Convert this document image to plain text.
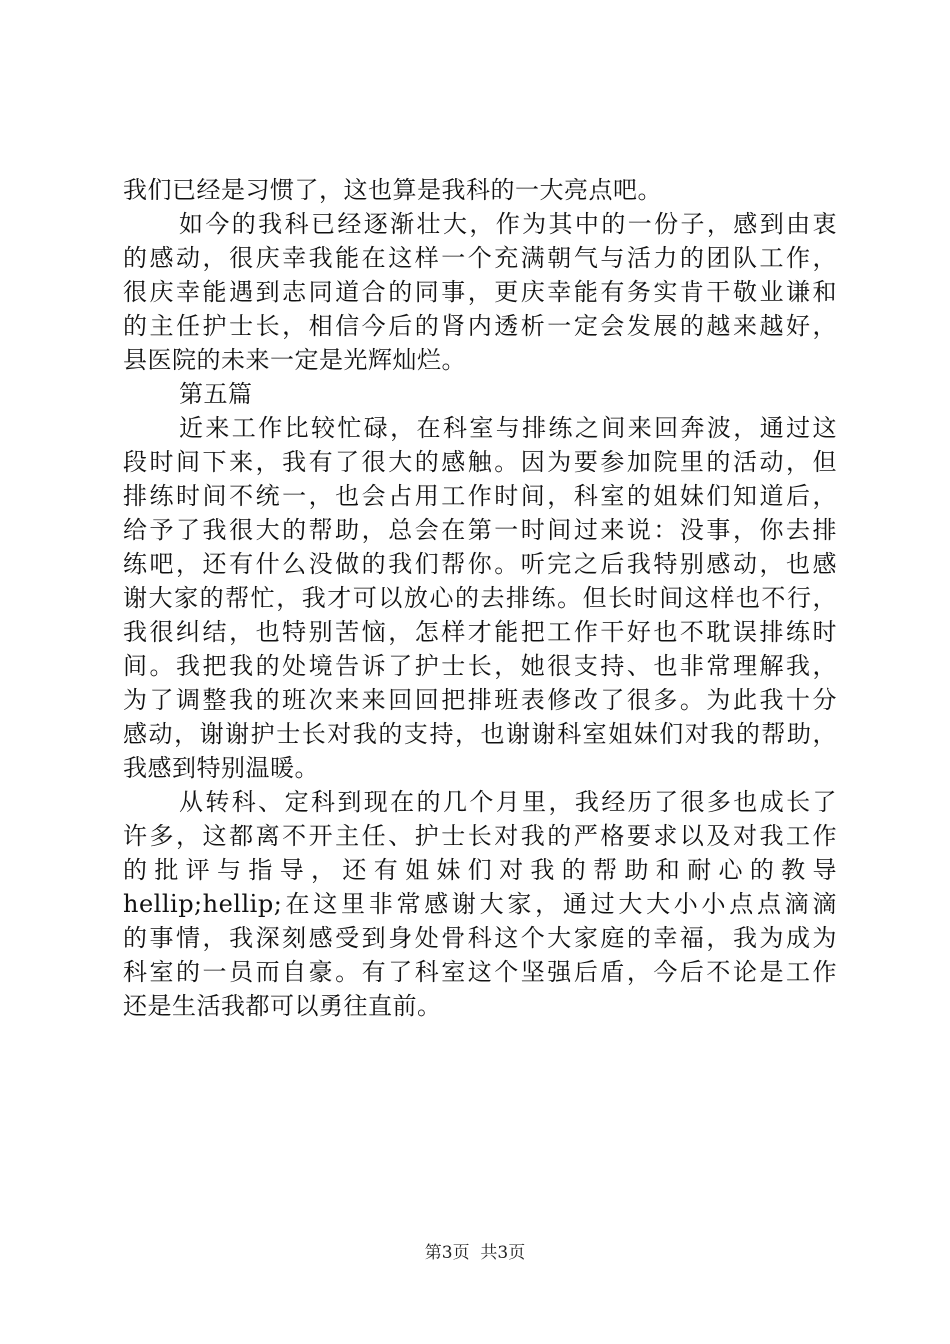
我们已经是习惯了，这也算是我科的一大亮点吧。
如今的我科已经逐渐壮大，作为其中的一份子，感到由衷
的感动，很庆幸我能在这样一个充满朝气与活力的团队工作，
很庆幸能遇到志同道合的同事，更庆幸能有务实肯干敬业谦和
的主任护士长，相信今后的肾内透析一定会发展的越来越好，
县医院的未来一定是光辉灿烂。
第五篇
近来工作比较忙碌，在科室与排练之间来回奔波，通过这
段时间下来，我有了很大的感触。因为要参加院里的活动，但
排练时间不统一，也会占用工作时间，科室的姐妹们知道后，
给予了我很大的帮助，总会在第一时间过来说：没事，你去排
练吧，还有什么没做的我们帮你。听完之后我特别感动，也感
谢大家的帮忙，我才可以放心的去排练。但长时间这样也不行，
我很纠结，也特别苦恼，怎样才能把工作干好也不耽误排练时
间。我把我的处境告诉了护士长，她很支持、也非常理解我，
为了调整我的班次来来回回把排班表修改了很多。为此我十分
感动，谢谢护士长对我的支持，也谢谢科室姐妹们对我的帮助，
我感到特别温暖。
从转科、定科到现在的几个月里，我经历了很多也成长了
许多，这都离不开主任、护士长对我的严格要求以及对我工作
的批评与指导，还有姐妹们对我的帮助和耐心的教导
hellip;hellip;在这里非常感谢大家，通过大大小小点点滴滴
的事情，我深刻感受到身处骨科这个大家庭的幸福，我为成为
科室的一员而自豪。有了科室这个坚强后盾，今后不论是工作
还是生活我都可以勇往直前。
第3页  共3页
